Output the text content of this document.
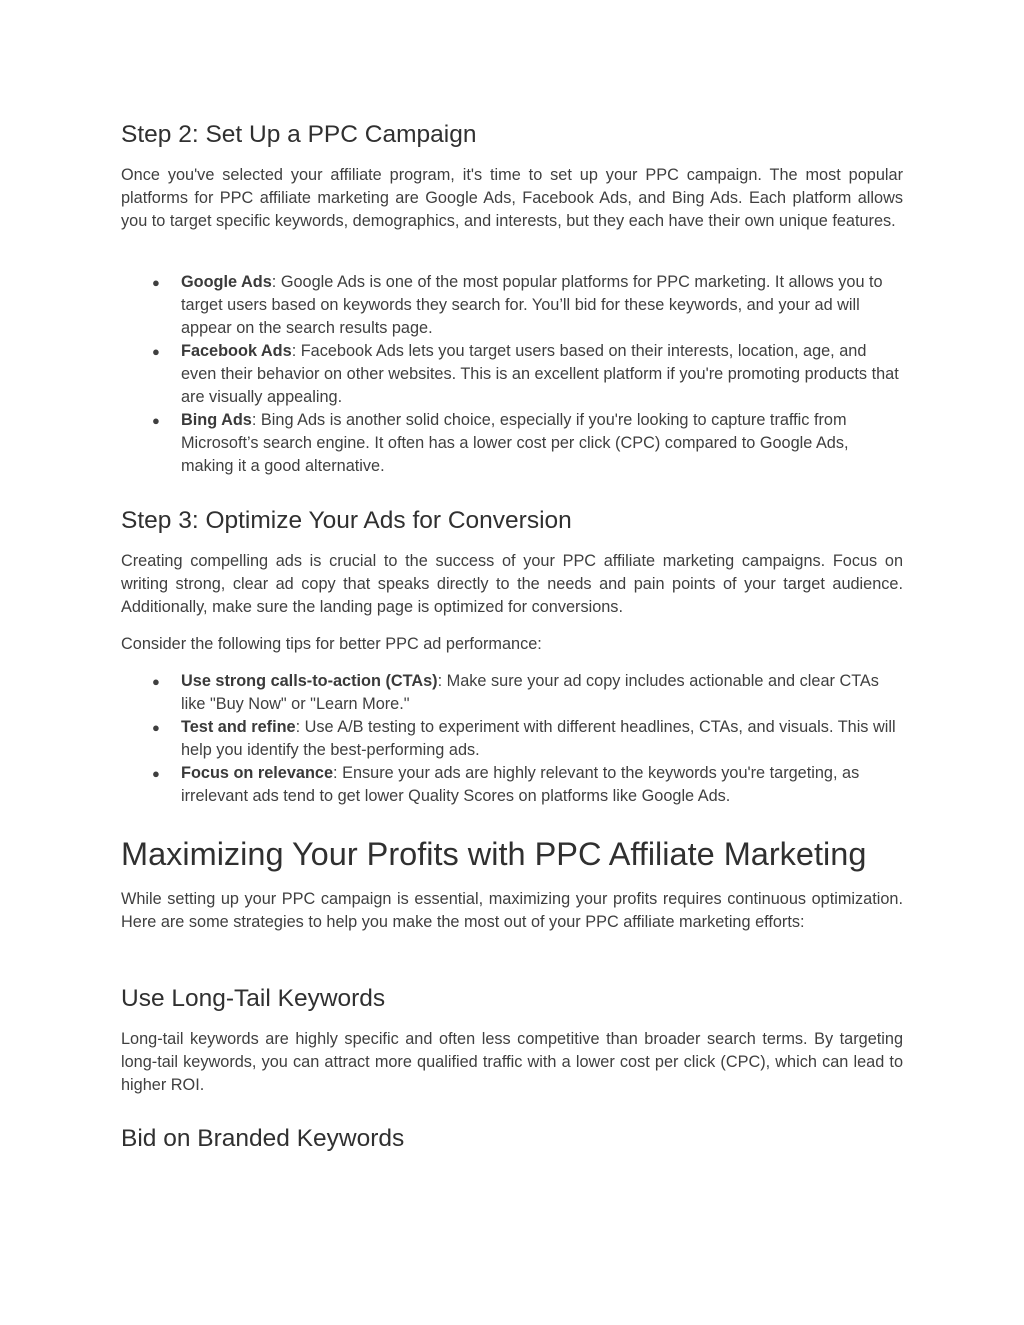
Step 2: Set Up a PPC Campaign

Once you've selected your affiliate program, it's time to set up your PPC campaign. The most popular platforms for PPC affiliate marketing are Google Ads, Facebook Ads, and Bing Ads. Each platform allows you to target specific keywords, demographics, and interests, but they each have their own unique features.

● Google Ads: Google Ads is one of the most popular platforms for PPC marketing. It allows you to target users based on keywords they search for. You’ll bid for these keywords, and your ad will appear on the search results page.
● Facebook Ads: Facebook Ads lets you target users based on their interests, location, age, and even their behavior on other websites. This is an excellent platform if you're promoting products that are visually appealing.
● Bing Ads: Bing Ads is another solid choice, especially if you're looking to capture traffic from Microsoft’s search engine. It often has a lower cost per click (CPC) compared to Google Ads, making it a good alternative.
Step 3: Optimize Your Ads for Conversion

Creating compelling ads is crucial to the success of your PPC affiliate marketing campaigns. Focus on writing strong, clear ad copy that speaks directly to the needs and pain points of your target audience. Additionally, make sure the landing page is optimized for conversions.

Consider the following tips for better PPC ad performance:

● Use strong calls-to-action (CTAs): Make sure your ad copy includes actionable and clear CTAs like "Buy Now" or "Learn More."
● Test and refine: Use A/B testing to experiment with different headlines, CTAs, and visuals. This will help you identify the best-performing ads.
● Focus on relevance: Ensure your ads are highly relevant to the keywords you're targeting, as irrelevant ads tend to get lower Quality Scores on platforms like Google Ads.
Maximizing Your Profits with PPC Affiliate Marketing

While setting up your PPC campaign is essential, maximizing your profits requires continuous optimization. Here are some strategies to help you make the most out of your PPC affiliate marketing efforts:

Use Long-Tail Keywords

Long-tail keywords are highly specific and often less competitive than broader search terms. By targeting long-tail keywords, you can attract more qualified traffic with a lower cost per click (CPC), which can lead to higher ROI.

Bid on Branded Keywords
